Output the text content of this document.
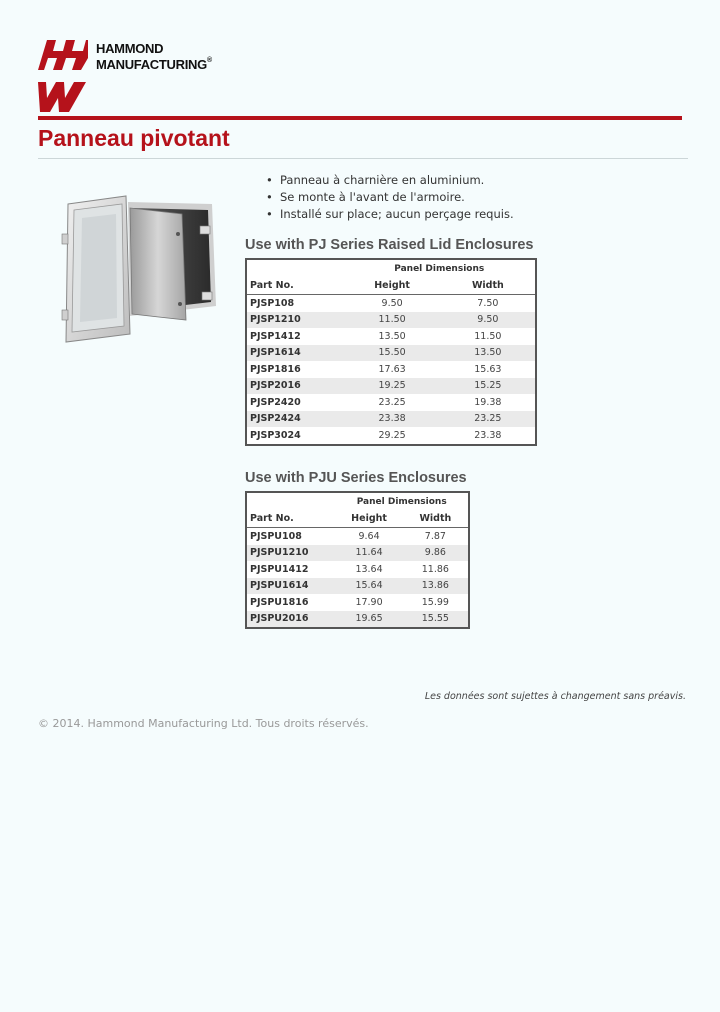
HAMMOND
MANUFACTURING®
Panneau pivotant
• Panneau à charnière en aluminium.
• Se monte à l'avant de l'armoire.
• Installé sur place; aucun perçage requis.
Use with PJ Series Raised Lid Enclosures
	Panel Dimensions	
Part No.	Height	Width
PJSP108	9.50	7.50
PJSP1210	11.50	9.50
PJSP1412	13.50	11.50
PJSP1614	15.50	13.50
PJSP1816	17.63	15.63
PJSP2016	19.25	15.25
PJSP2420	23.25	19.38
PJSP2424	23.38	23.25
PJSP3024	29.25	23.38
Use with PJU Series Enclosures
	Panel Dimensions	
Part No.	Height	Width
PJSPU108	9.64	7.87
PJSPU1210	11.64	9.86
PJSPU1412	13.64	11.86
PJSPU1614	15.64	13.86
PJSPU1816	17.90	15.99
PJSPU2016	19.65	15.55
Les données sont sujettes à changement sans préavis.
© 2014. Hammond Manufacturing Ltd. Tous droits réservés.
